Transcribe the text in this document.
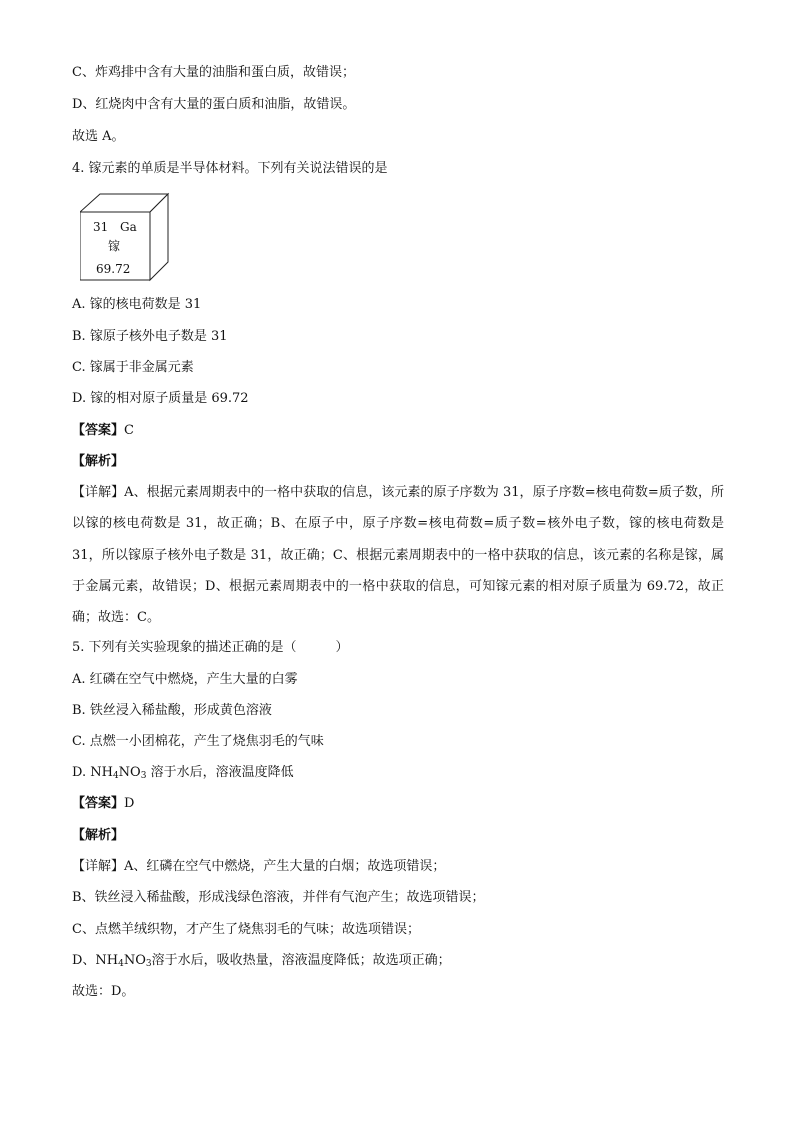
C、炸鸡排中含有大量的油脂和蛋白质，故错误；
D、红烧肉中含有大量的蛋白质和油脂，故错误。
故选 A。
4. 镓元素的单质是半导体材料。下列有关说法错误的是
31 Ga
镓
69.72
A. 镓的核电荷数是 31
B. 镓原子核外电子数是 31
C. 镓属于非金属元素
D. 镓的相对原子质量是 69.72
【答案】C
【解析】
【详解】A、根据元素周期表中的一格中获取的信息，该元素的原子序数为 31，原子序数=核电荷数=质子数，所以镓的核电荷数是 31，故正确；B、在原子中，原子序数=核电荷数=质子数=核外电子数，镓的核电荷数是 31，所以镓原子核外电子数是 31，故正确；C、根据元素周期表中的一格中获取的信息，该元素的名称是镓，属于金属元素，故错误；D、根据元素周期表中的一格中获取的信息，可知镓元素的相对原子质量为 69.72，故正确；故选：C。
5. 下列有关实验现象的描述正确的是（　　　）
A. 红磷在空气中燃烧，产生大量的白雾
B. 铁丝浸入稀盐酸，形成黄色溶液
C. 点燃一小团棉花，产生了烧焦羽毛的气味
D. $NH_4NO_3$ 溶于水后，溶液温度降低
【答案】D
【解析】
【详解】A、红磷在空气中燃烧，产生大量的白烟；故选项错误；
B、铁丝浸入稀盐酸，形成浅绿色溶液，并伴有气泡产生；故选项错误；
C、点燃羊绒织物，才产生了烧焦羽毛的气味；故选项错误；
D、$NH_4NO_3$溶于水后，吸收热量，溶液温度降低；故选项正确；
故选：D。
